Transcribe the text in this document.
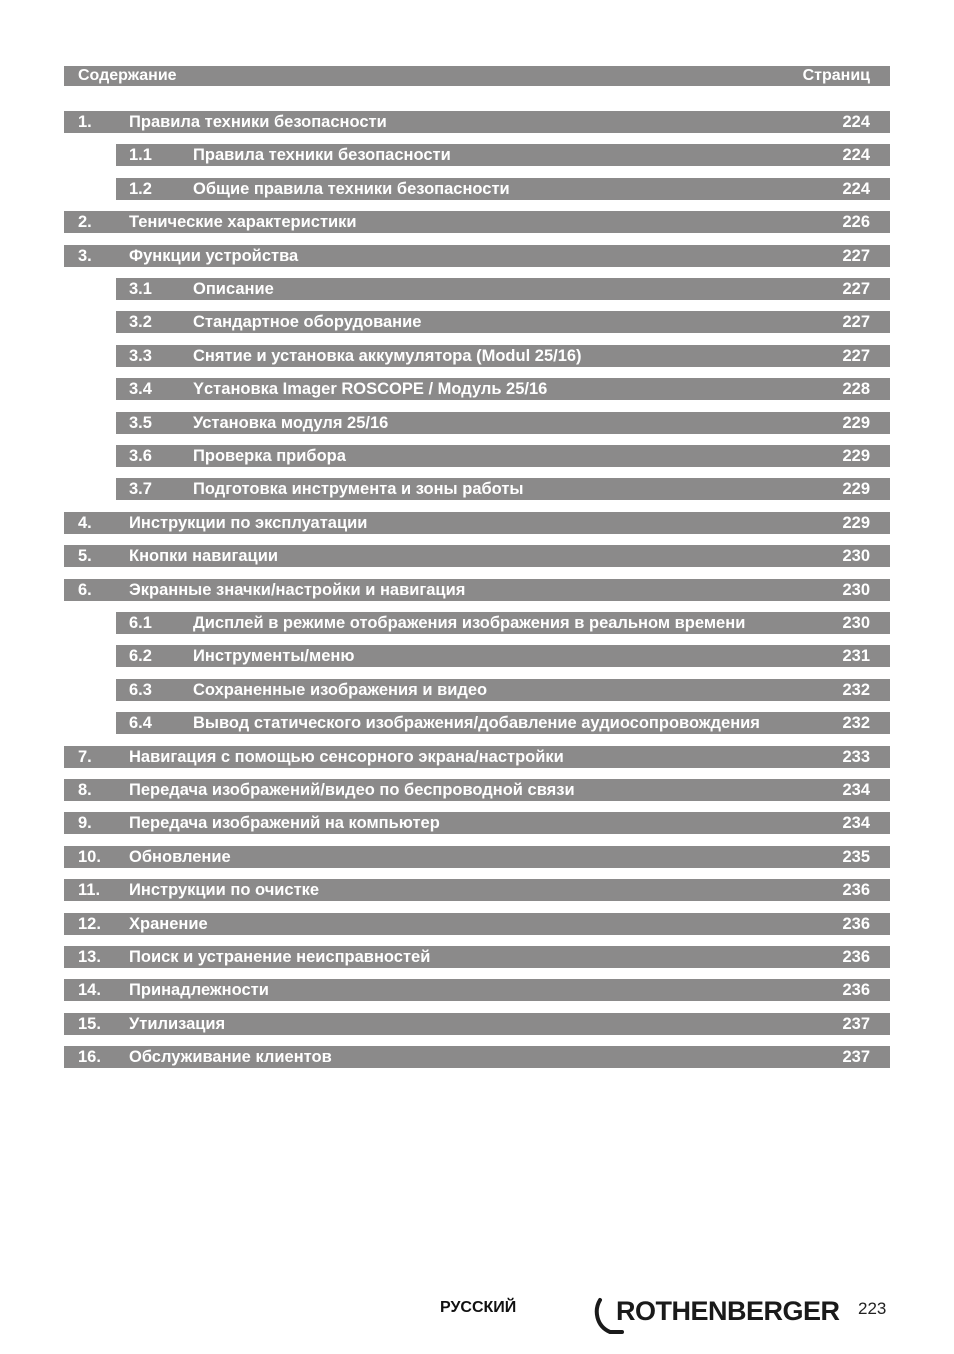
Содержание	Страниц
1. Правила техники безопасности	224
1.1 Правила техники безопасности	224
1.2 Общие правила техники безопасности	224
2. Тенические характеристики	226
3. Функции устройства	227
3.1 Описание	227
3.2 Стандартное оборудование	227
3.3 Снятие и установка аккумулятора (Modul 25/16)	227
3.4 Yстановка Imager ROSCOPE / Модуль 25/16	228
3.5 Установка модуля 25/16	229
3.6 Проверка прибора	229
3.7 Подготовка инструмента и зоны работы	229
4. Инструкции по эксплуатации	229
5. Кнопки навигации	230
6. Экранные значки/настройки и навигация	230
6.1 Дисплей в режиме отображения изображения в реальном времени	230
6.2 Инструменты/меню	231
6.3 Сохраненные изображения и видео	232
6.4 Вывод статического изображения/добавление аудиосопровождения	232
7. Навигация с помощью сенсорного экрана/настройки	233
8. Передача изображений/видео по беспроводной связи	234
9. Передача изображений на компьютер	234
10. Обновление	235
11. Инструкции по очистке	236
12. Хранение	236
13. Поиск и устранение неисправностей	236
14. Принадлежности	236
15. Утилизация	237
16. Обслуживание клиентов	237
РУССКИЙ	ROTHENBERGER 223
